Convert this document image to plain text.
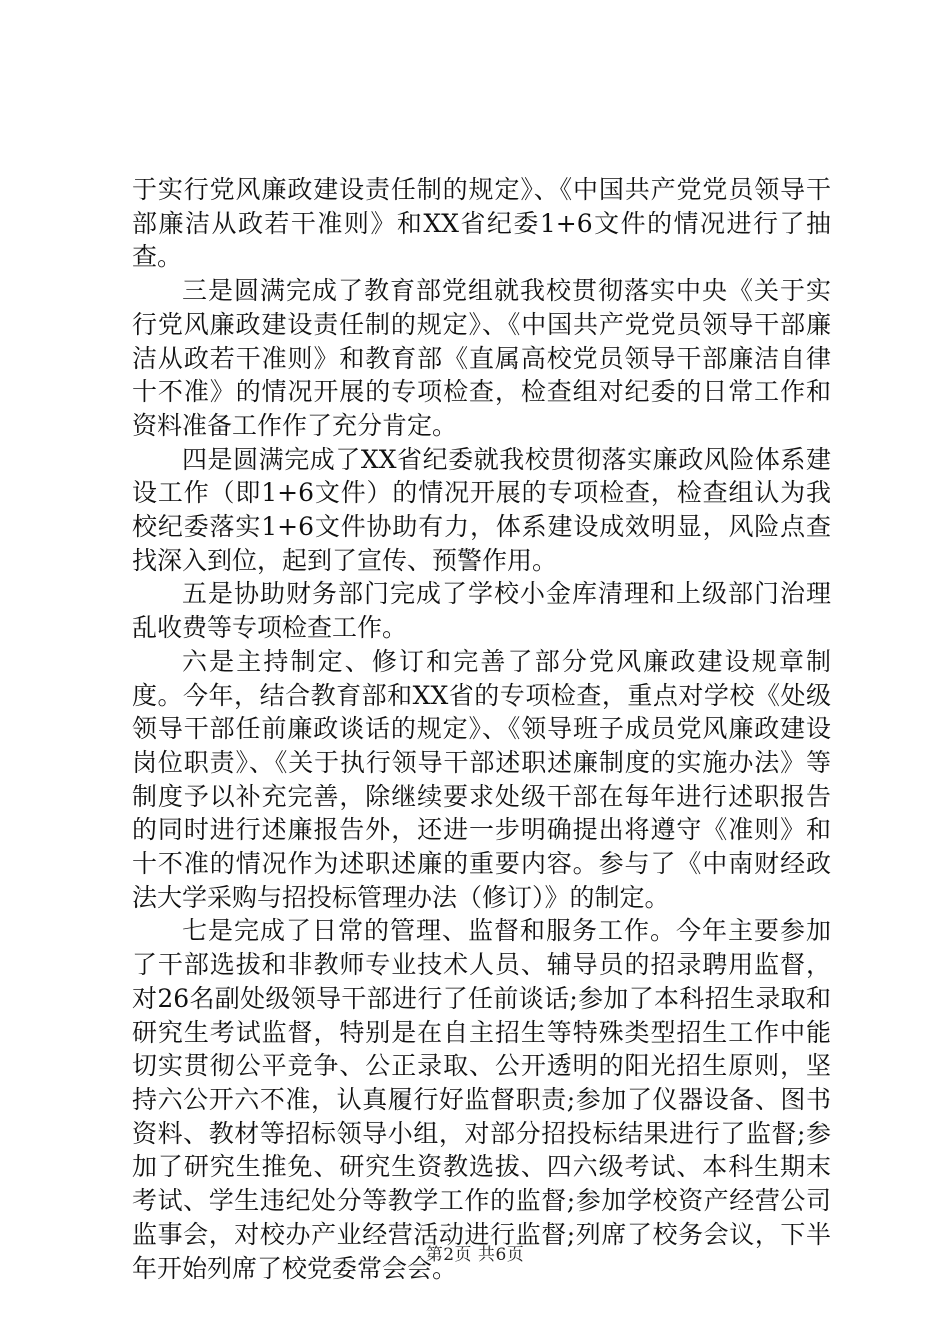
于实行党风廉政建设责任制的规定》、《中国共产党党员领导干部廉洁从政若干准则》和XX省纪委1+6文件的情况进行了抽查。

三是圆满完成了教育部党组就我校贯彻落实中央《关于实行党风廉政建设责任制的规定》、《中国共产党党员领导干部廉洁从政若干准则》和教育部《直属高校党员领导干部廉洁自律十不准》的情况开展的专项检查，检查组对纪委的日常工作和资料准备工作作了充分肯定。

四是圆满完成了XX省纪委就我校贯彻落实廉政风险体系建设工作（即1+6文件）的情况开展的专项检查，检查组认为我校纪委落实1+6文件协助有力，体系建设成效明显，风险点查找深入到位，起到了宣传、预警作用。

五是协助财务部门完成了学校小金库清理和上级部门治理乱收费等专项检查工作。

六是主持制定、修订和完善了部分党风廉政建设规章制度。今年，结合教育部和XX省的专项检查，重点对学校《处级领导干部任前廉政谈话的规定》、《领导班子成员党风廉政建设岗位职责》、《关于执行领导干部述职述廉制度的实施办法》等制度予以补充完善，除继续要求处级干部在每年进行述职报告的同时进行述廉报告外，还进一步明确提出将遵守《准则》和十不准的情况作为述职述廉的重要内容。参与了《中南财经政法大学采购与招投标管理办法（修订）》的制定。

七是完成了日常的管理、监督和服务工作。今年主要参加了干部选拔和非教师专业技术人员、辅导员的招录聘用监督，对26名副处级领导干部进行了任前谈话;参加了本科招生录取和研究生考试监督，特别是在自主招生等特殊类型招生工作中能切实贯彻公平竞争、公正录取、公开透明的阳光招生原则，坚持六公开六不准，认真履行好监督职责;参加了仪器设备、图书资料、教材等招标领导小组，对部分招投标结果进行了监督;参加了研究生推免、研究生资教选拔、四六级考试、本科生期末考试、学生违纪处分等教学工作的监督;参加学校资产经营公司监事会，对校办产业经营活动进行监督;列席了校务会议，下半年开始列席了校党委常会会。

第2页 共6页
